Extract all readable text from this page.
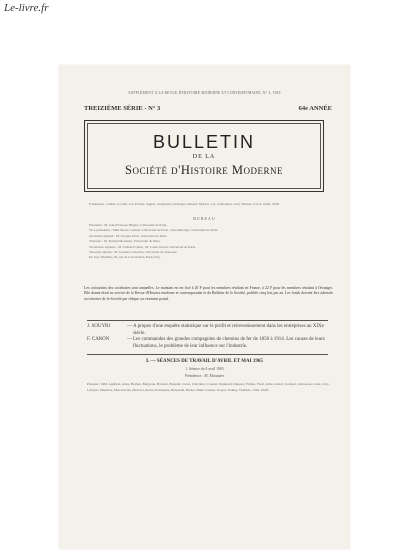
Le-livre.fr
SUPPLÉMENT À LA REVUE D'HISTOIRE MODERNE ET CONTEMPORAINE, N° 3, 1965
TREIZIÈME SÉRIE - N° 3	64e ANNÉE
BULLETIN
DE LA
Société d'Histoire Moderne
Fondateurs : Cahen, Coville, Lot, Pariset, Sagnac, Seignobos, Robiquet, Renard, Marion, Lot, Lemonnier, Lévy, Hauser, Caron, Weill, Vidal
BUREAU
Président : M. Jean-François Bergier, Université de Paris.
Vice-présidents : MM. Pierre Goubert, Université de Paris ; Jean Bérenger, Université de Paris.
Secrétaire général : M. Jacques Droz, Université de Paris.
Trésorier : M. Roland Mousnier, Université de Paris.
Secrétaires adjoints : M. Claude Fohlen ; M. Louis Girard, Université de Paris.
Trésorier adjoint : M. Jacques Godechot, Université de Toulouse.
M. Guy Thuillier, 20, rue de la Sorbonne, Paris (Ve).
Les cotisations des sociétaires sont annuelles. Le montant en est fixé à 20 F pour les membres résidant en France, à 22 F pour les membres résidant à l'étranger. Elle donne droit au service de la Revue d'Histoire moderne et contemporaine et du Bulletin de la Société, publiés cinq fois par an. Les fonds doivent être adressés au trésorier de la Société par chèque ou virement postal.
J. SOUYRI	— A propos d'une enquête statistique sur le profit et reinvestissement dans les entreprises au XIXe siècle.
F. CARON	— Les commandes des grandes compagnies de chemins de fer de 1850 à 1914. Les causes de leurs fluctuations, le problème de leur influence sur l'industrie.
I. — SÉANCES DE TRAVAIL D'AVRIL ET MAI 1965
1. Séance du 4 avril 1965
Présidence : M. Mousnier
Présents : MM. Agulhon, Ariès, Barbier, Bergeron, Bouvier, Braudel, Caron, Chevalier, Crouzet, Daumard, Dupeux, Fohlen, Furet, Gille, Girard, Goubert, Labrousse, Léon, Lévy-Leboyer, Mandrou, Marczewski, Meuvret, Perrot, Poitrineau, Renouvin, Richet, Rudé, Soboul, Souyri, Tudesq, Vidalenc, Vilar, Wolff.
